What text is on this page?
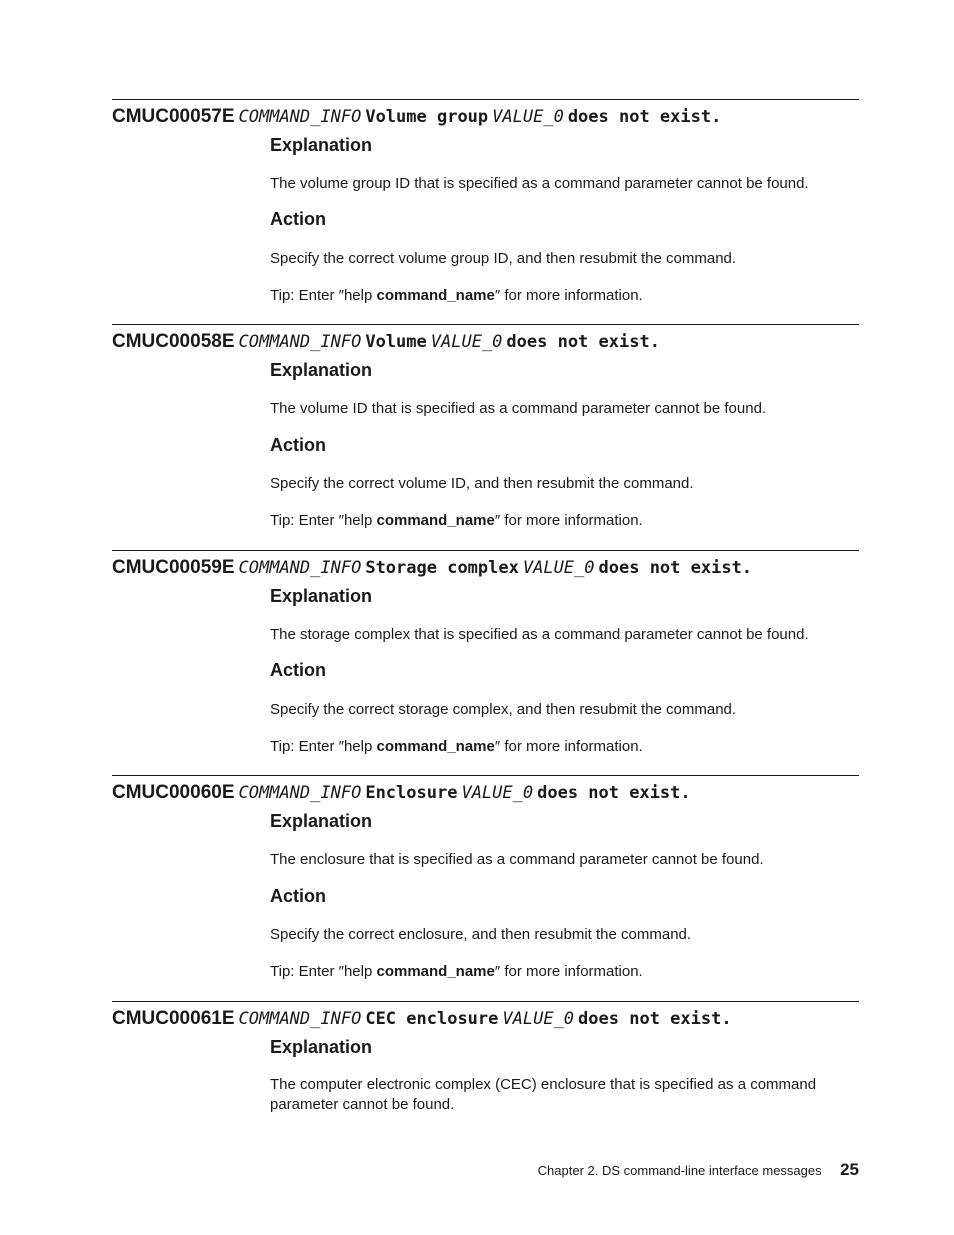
CMUC00057E COMMAND_INFO Volume group VALUE_0 does not exist.
Explanation
The volume group ID that is specified as a command parameter cannot be found.
Action
Specify the correct volume group ID, and then resubmit the command.
Tip: Enter ″help command_name″ for more information.
CMUC00058E COMMAND_INFO Volume VALUE_0 does not exist.
Explanation
The volume ID that is specified as a command parameter cannot be found.
Action
Specify the correct volume ID, and then resubmit the command.
Tip: Enter ″help command_name″ for more information.
CMUC00059E COMMAND_INFO Storage complex VALUE_0 does not exist.
Explanation
The storage complex that is specified as a command parameter cannot be found.
Action
Specify the correct storage complex, and then resubmit the command.
Tip: Enter ″help command_name″ for more information.
CMUC00060E COMMAND_INFO Enclosure VALUE_0 does not exist.
Explanation
The enclosure that is specified as a command parameter cannot be found.
Action
Specify the correct enclosure, and then resubmit the command.
Tip: Enter ″help command_name″ for more information.
CMUC00061E COMMAND_INFO CEC enclosure VALUE_0 does not exist.
Explanation
The computer electronic complex (CEC) enclosure that is specified as a command parameter cannot be found.
Chapter 2. DS command-line interface messages 25
